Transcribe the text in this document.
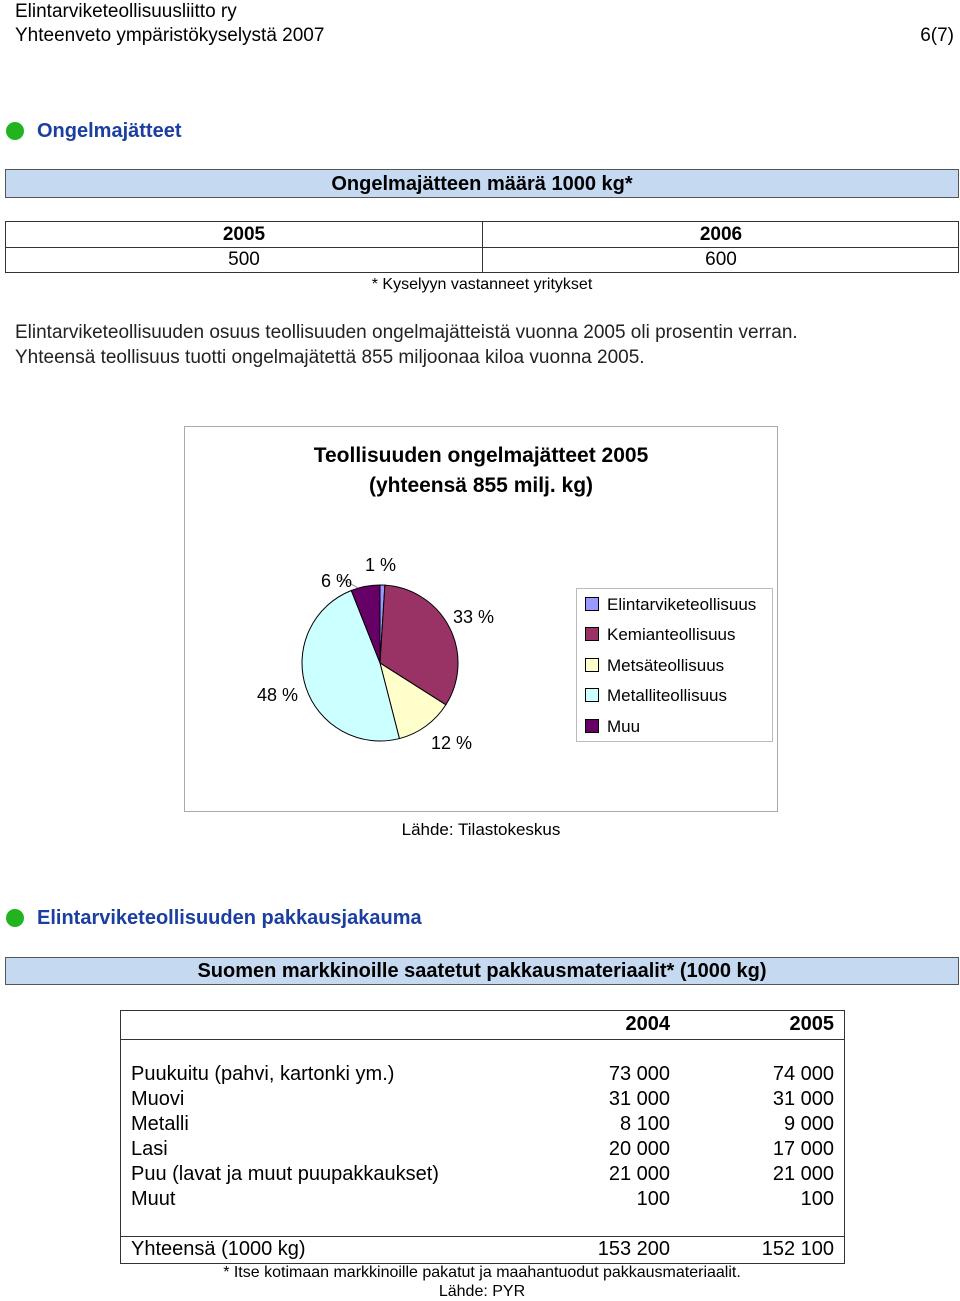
Elintarviketeollisuusliitto ry
Yhteenveto ympäristökyselystä 2007	6(7)
Ongelmajätteet
Ongelmajätteen määrä 1000 kg*
2005	2006
500	600
* Kyselyyn vastanneet yritykset
Elintarviketeollisuuden osuus teollisuuden ongelmajätteistä vuonna 2005 oli prosentin verran.
Yhteensä teollisuus tuotti ongelmajätettä 855 miljoonaa kiloa vuonna 2005.
Teollisuuden ongelmajätteet 2005
(yhteensä 855 milj. kg)
1 %
33 %
12 %
48 %
6 %
Elintarviketeollisuus
Kemianteollisuus
Metsäteollisuus
Metalliteollisuus
Muu
Lähde: Tilastokeskus
Elintarviketeollisuuden pakkausjakauma
Suomen markkinoille saatetut pakkausmateriaalit* (1000 kg)
2004	2005
Puukuitu (pahvi, kartonki ym.)	73 000	74 000
Muovi	31 000	31 000
Metalli	8 100	9 000
Lasi	20 000	17 000
Puu (lavat ja muut puupakkaukset)	21 000	21 000
Muut	100	100
Yhteensä (1000 kg)	153 200	152 100
* Itse kotimaan markkinoille pakatut ja maahantuodut pakkausmateriaalit.
Lähde: PYR
